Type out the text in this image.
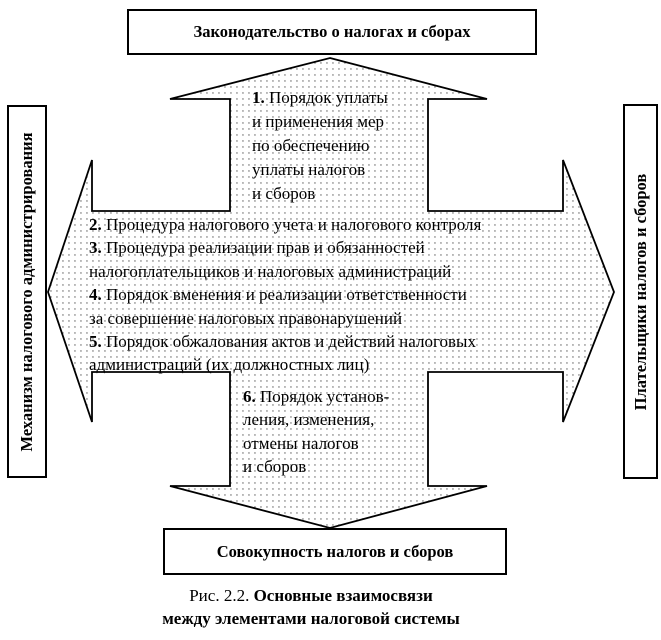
Законодательство о налогах и сборах
Механизм налогового администрирования	Плательщики налогов и сборов
Совокупность налогов и сборов
1. Порядок уплаты
и применения мер
по обеспечению
уплаты налогов
и сборов
2. Процедура налогового учета и налогового контроля
3. Процедура реализации прав и обязанностей
налогоплательщиков и налоговых администраций
4. Порядок вменения и реализации ответственности
за совершение налоговых правонарушений
5. Порядок обжалования актов и действий налоговых
администраций (их должностных лиц)
6. Порядок установ-
ления, изменения,
отмены налогов
и сборов
Рис. 2.2. Основные взаимосвязи
между элементами налоговой системы
